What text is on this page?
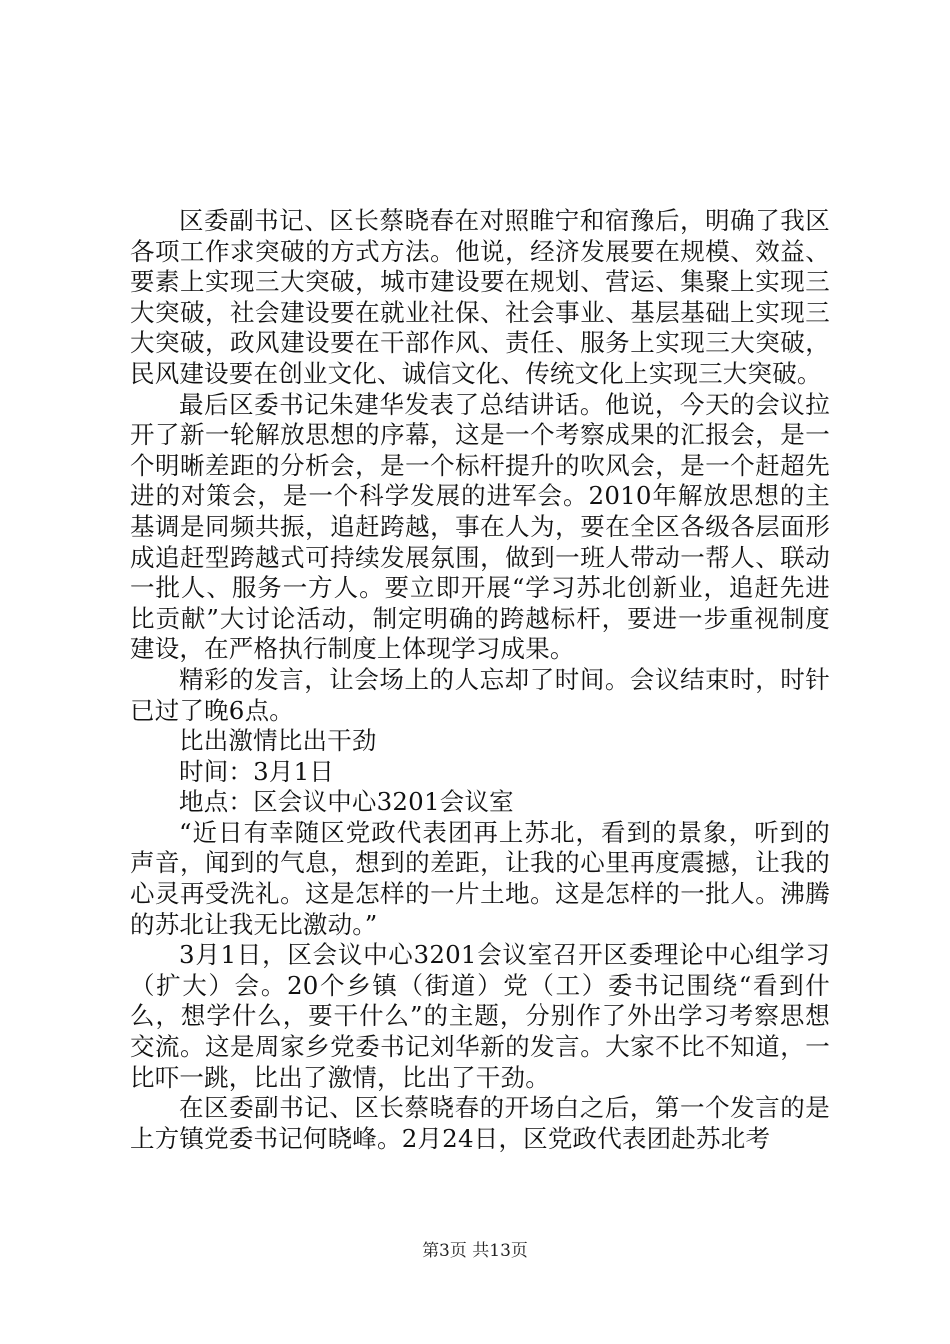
区委副书记、区长蔡晓春在对照睢宁和宿豫后，明确了我区各项工作求突破的方式方法。他说，经济发展要在规模、效益、要素上实现三大突破，城市建设要在规划、营运、集聚上实现三大突破，社会建设要在就业社保、社会事业、基层基础上实现三大突破，政风建设要在干部作风、责任、服务上实现三大突破，民风建设要在创业文化、诚信文化、传统文化上实现三大突破。

最后区委书记朱建华发表了总结讲话。他说，今天的会议拉开了新一轮解放思想的序幕，这是一个考察成果的汇报会，是一个明晰差距的分析会，是一个标杆提升的吹风会，是一个赶超先进的对策会，是一个科学发展的进军会。2010年解放思想的主基调是同频共振，追赶跨越，事在人为，要在全区各级各层面形成追赶型跨越式可持续发展氛围，做到一班人带动一帮人、联动一批人、服务一方人。要立即开展“学习苏北创新业，追赶先进比贡献”大讨论活动，制定明确的跨越标杆，要进一步重视制度建设，在严格执行制度上体现学习成果。

精彩的发言，让会场上的人忘却了时间。会议结束时，时针已过了晚6点。

比出激情比出干劲

时间：3月1日

地点：区会议中心3201会议室

“近日有幸随区党政代表团再上苏北，看到的景象，听到的声音，闻到的气息，想到的差距，让我的心里再度震撼，让我的心灵再受洗礼。这是怎样的一片土地。这是怎样的一批人。沸腾的苏北让我无比激动。”

3月1日，区会议中心3201会议室召开区委理论中心组学习（扩大）会。20个乡镇（街道）党（工）委书记围绕“看到什么，想学什么，要干什么”的主题，分别作了外出学习考察思想交流。这是周家乡党委书记刘华新的发言。大家不比不知道，一比吓一跳，比出了激情，比出了干劲。

在区委副书记、区长蔡晓春的开场白之后，第一个发言的是上方镇党委书记何晓峰。2月24日，区党政代表团赴苏北考

第3页 共13页
